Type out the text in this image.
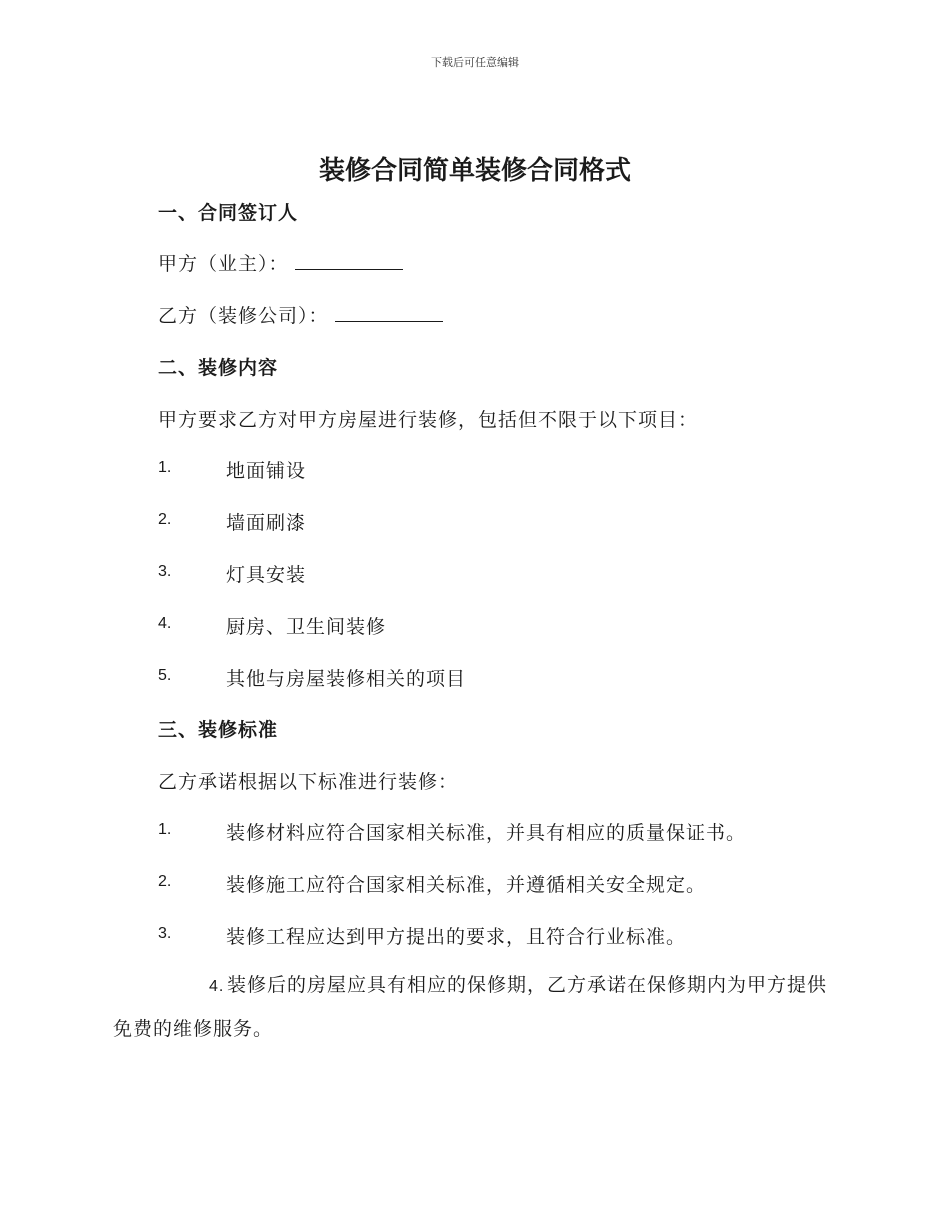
下载后可任意编辑
装修合同简单装修合同格式
一、合同签订人
甲方（业主）：
乙方（装修公司）：
二、装修内容
甲方要求乙方对甲方房屋进行装修，包括但不限于以下项目：
1.	地面铺设
2.	墙面刷漆
3.	灯具安装
4.	厨房、卫生间装修
5.	其他与房屋装修相关的项目
三、装修标准
乙方承诺根据以下标准进行装修：
1.	装修材料应符合国家相关标准，并具有相应的质量保证书。
2.	装修施工应符合国家相关标准，并遵循相关安全规定。
3.	装修工程应达到甲方提出的要求，且符合行业标准。
4. 装修后的房屋应具有相应的保修期，乙方承诺在保修期内为甲方提供免费的维修服务。
